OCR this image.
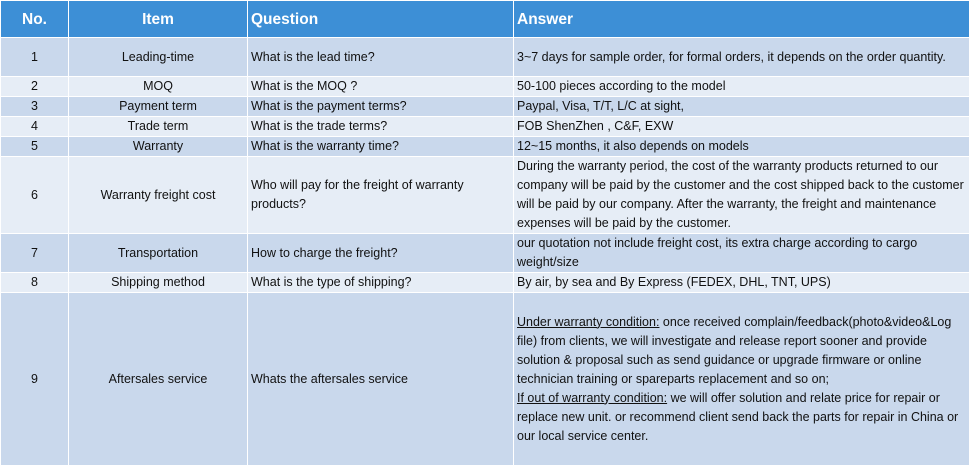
No.	Item	Question	Answer
1	Leading-time	What is the lead time?	3~7 days for sample order, for formal orders, it depends on the order quantity.
2	MOQ	What is the MOQ ?	50-100 pieces according to the model
3	Payment term	What is the payment terms?	Paypal, Visa, T/T, L/C at sight,
4	Trade term	What is the trade terms?	FOB ShenZhen , C&F, EXW
5	Warranty	What is the warranty time?	12~15 months, it also depends on models
6	Warranty freight cost	Who will pay for the freight of warranty products?	During the warranty period, the cost of the warranty products returned to our company will be paid by the customer and the cost shipped back to the customer will be paid by our company. After the warranty, the freight and maintenance expenses will be paid by the customer.
7	Transportation	How to charge the freight?	our quotation not include freight cost, its extra charge according to cargo weight/size
8	Shipping method	What is the type of shipping?	By air, by sea and By Express (FEDEX, DHL, TNT, UPS)
9	Aftersales service	Whats the aftersales service	Under warranty condition: once received complain/feedback(photo&video&Log file) from clients, we will investigate and release report sooner and provide solution & proposal such as send guidance or upgrade firmware or online technician training or spareparts replacement and so on;
If out of warranty condition: we will offer solution and relate price for repair or replace new unit. or recommend client send back the parts for repair in China or our local service center.
